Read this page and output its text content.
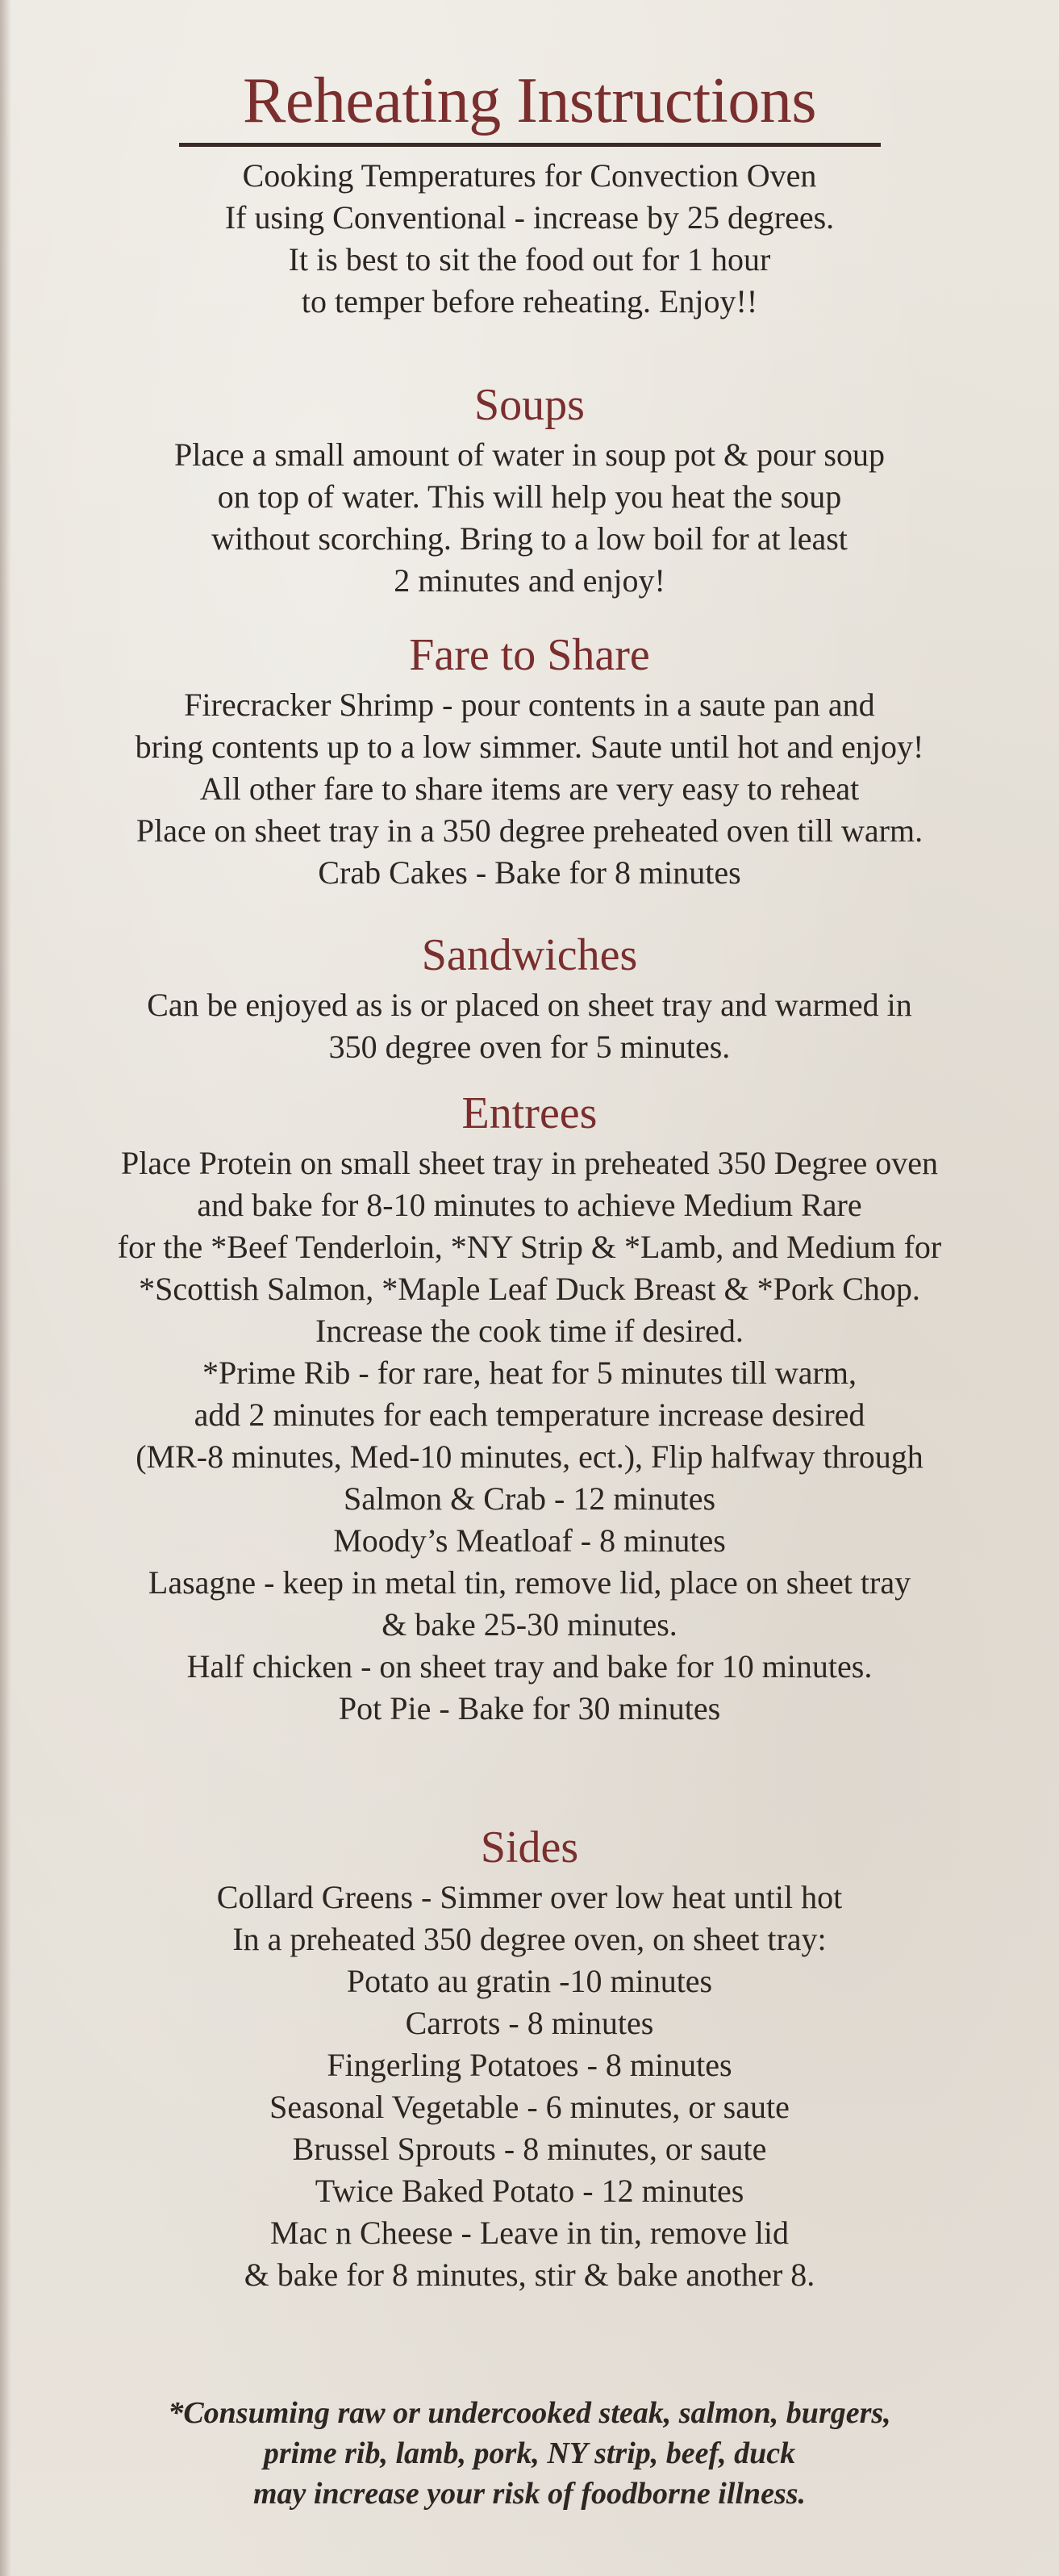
Reheating Instructions
Cooking Temperatures for Convection Oven
If using Conventional - increase by 25 degrees.
It is best to sit the food out for 1 hour
to temper before reheating. Enjoy!!
Soups
Place a small amount of water in soup pot & pour soup
on top of water. This will help you heat the soup
without scorching. Bring to a low boil for at least
2 minutes and enjoy!
Fare to Share
Firecracker Shrimp - pour contents in a saute pan and
bring contents up to a low simmer. Saute until hot and enjoy!
All other fare to share items are very easy to reheat
Place on sheet tray in a 350 degree preheated oven till warm.
Crab Cakes - Bake for 8 minutes
Sandwiches
Can be enjoyed as is or placed on sheet tray and warmed in
350 degree oven for 5 minutes.
Entrees
Place Protein on small sheet tray in preheated 350 Degree oven
and bake for 8-10 minutes to achieve Medium Rare
for the *Beef Tenderloin, *NY Strip & *Lamb, and Medium for
*Scottish Salmon, *Maple Leaf Duck Breast & *Pork Chop.
Increase the cook time if desired.
*Prime Rib - for rare, heat for 5 minutes till warm,
add 2 minutes for each temperature increase desired
(MR-8 minutes, Med-10 minutes, ect.), Flip halfway through
Salmon & Crab - 12 minutes
Moody’s Meatloaf - 8 minutes
Lasagne - keep in metal tin, remove lid, place on sheet tray
& bake 25-30 minutes.
Half chicken - on sheet tray and bake for 10 minutes.
Pot Pie - Bake for 30 minutes
Sides
Collard Greens - Simmer over low heat until hot
In a preheated 350 degree oven, on sheet tray:
Potato au gratin -10 minutes
Carrots - 8 minutes
Fingerling Potatoes - 8 minutes
Seasonal Vegetable - 6 minutes, or saute
Brussel Sprouts - 8 minutes, or saute
Twice Baked Potato - 12 minutes
Mac n Cheese - Leave in tin, remove lid
& bake for 8 minutes, stir & bake another 8.
*Consuming raw or undercooked steak, salmon, burgers,
prime rib, lamb, pork, NY strip, beef, duck
may increase your risk of foodborne illness.
